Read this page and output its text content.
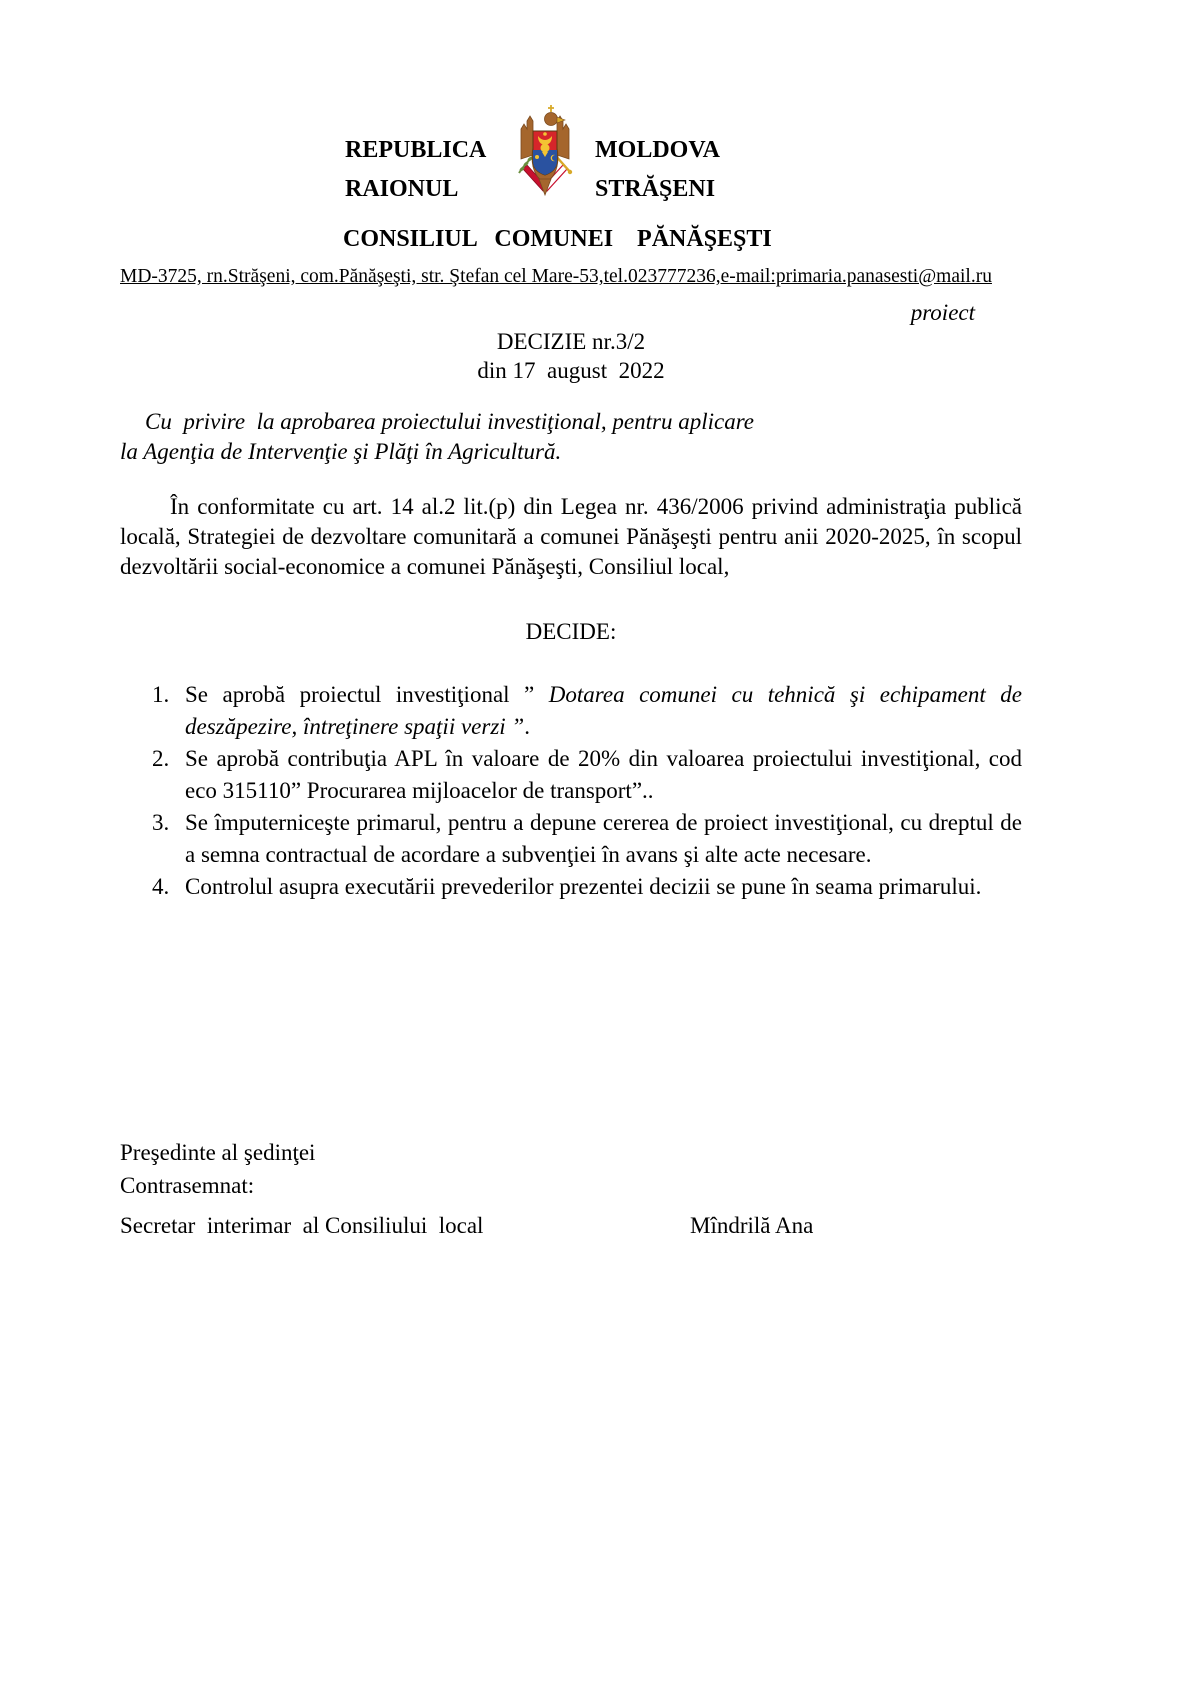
REPUBLICA
RAIONUL
MOLDOVA
STRĂŞENI
CONSILIUL   COMUNEI    PĂNĂŞEŞTI
MD-3725, rn.Străşeni, com.Pănăşeşti, str. Ştefan cel Mare-53,tel.023777236,e-mail:primaria.panasesti@mail.ru
proiect
DECIZIE nr.3/2
din 17  august  2022
Cu  privire  la aprobarea proiectului investiţional, pentru aplicare
la Agenţia de Intervenţie şi Plăţi în Agricultură.

În conformitate cu art. 14 al.2 lit.(p) din Legea nr. 436/2006 privind administraţia publică locală, Strategiei de dezvoltare comunitară a comunei Pănăşeşti pentru anii 2020-2025, în scopul dezvoltării social-economice a comunei Pănăşeşti, Consiliul local,

DECIDE:
1. Se aprobă proiectul investiţional ” Dotarea comunei cu tehnică şi echipament de deszăpezire, întreţinere spaţii verzi ”.
2. Se aprobă contribuţia APL în valoare de 20% din valoarea proiectului investiţional, cod eco 315110” Procurarea mijloacelor de transport”..
3. Se împuterniceşte primarul, pentru a depune cererea de proiect investiţional, cu dreptul de a semna contractual de acordare a subvenţiei în avans şi alte acte necesare.
4. Controlul asupra executării prevederilor prezentei decizii se pune în seama primarului.
Preşedinte al şedinţei
Contrasemnat:
Secretar  interimar  al Consiliului  local	Mîndrilă Ana
